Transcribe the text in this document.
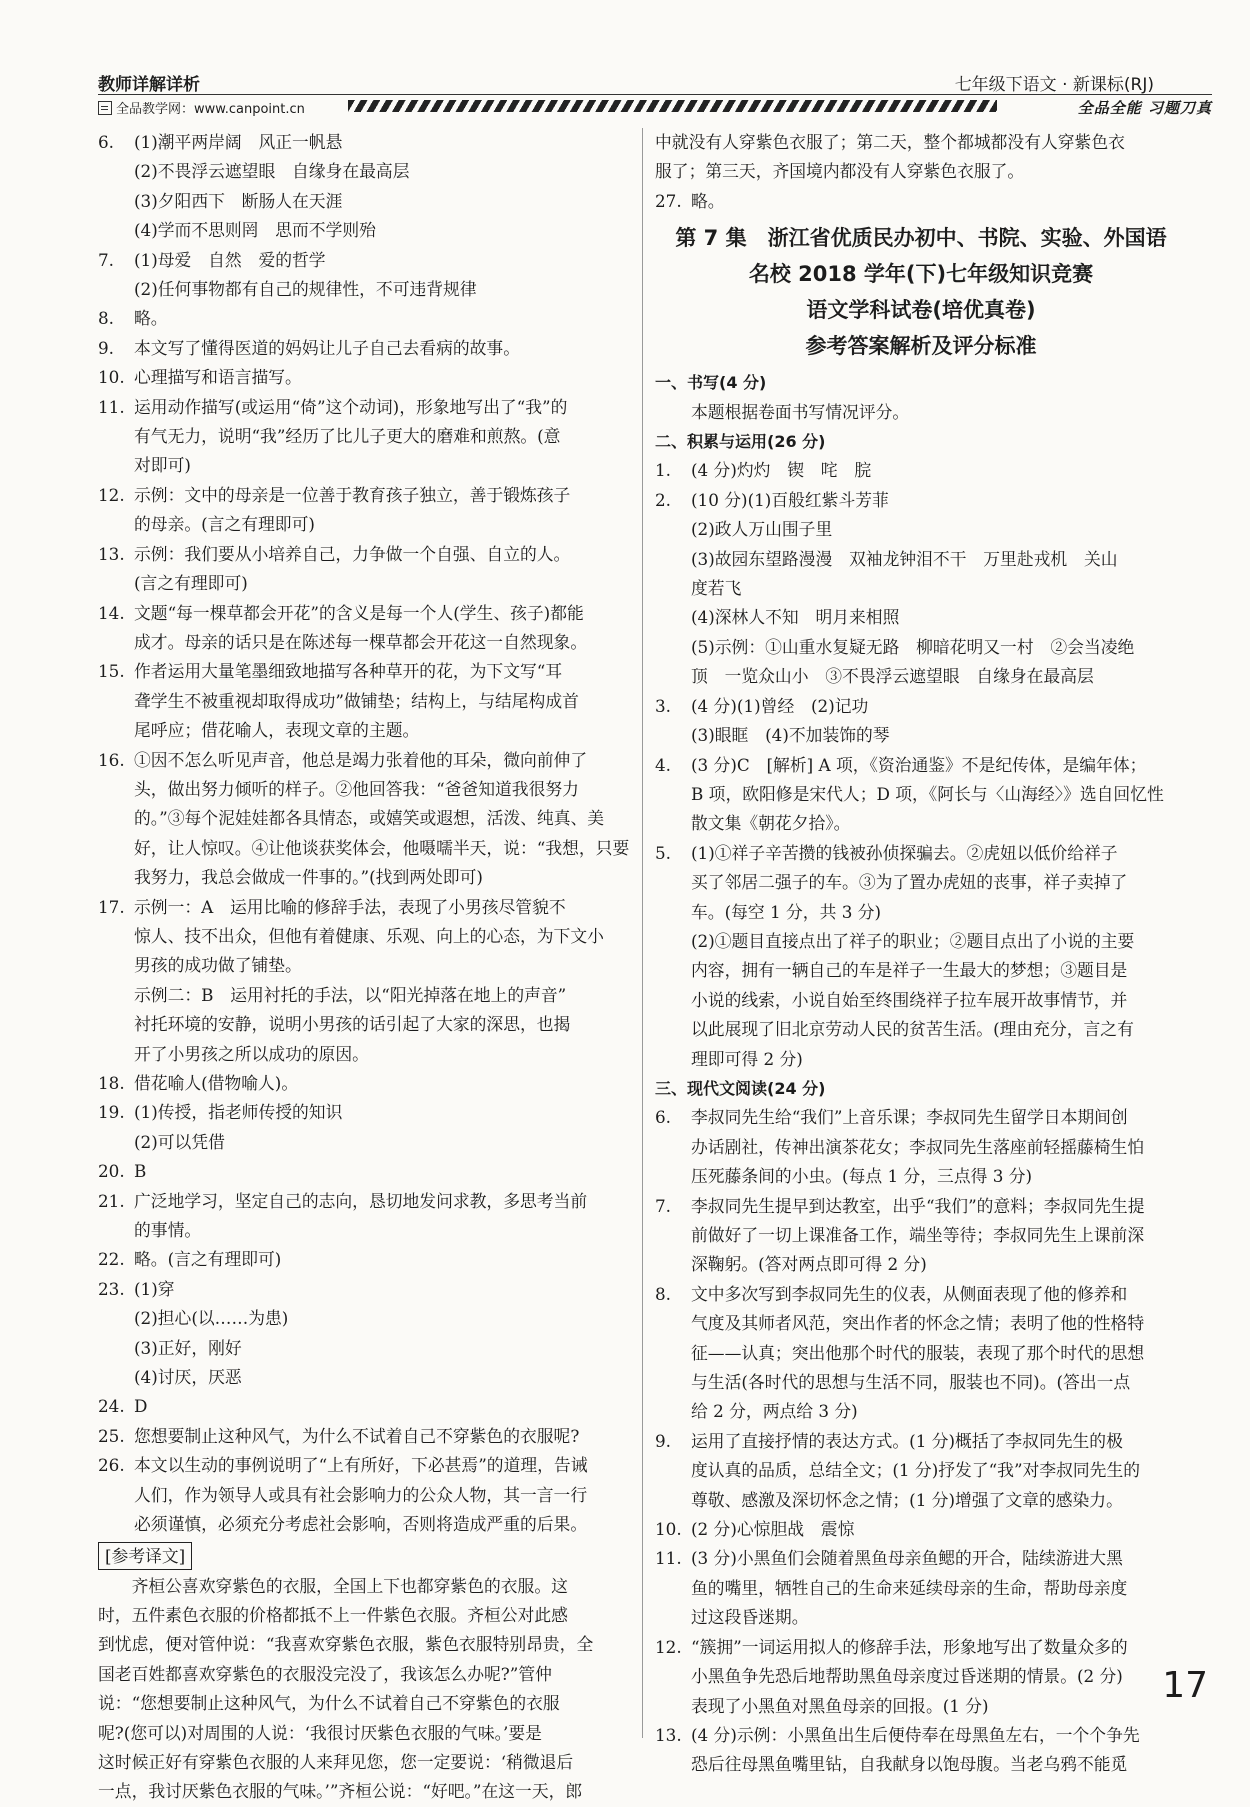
教师详解详析	七年级下语文 · 新课标(RJ)
全品教学网：www.canpoint.cn	全品全能 习题刀真
6. (1)潮平两岸阔　风正一帆悬
(2)不畏浮云遮望眼　自缘身在最高层
(3)夕阳西下　断肠人在天涯
(4)学而不思则罔　思而不学则殆
7. (1)母爱　自然　爱的哲学
(2)任何事物都有自己的规律性，不可违背规律
8. 略。
9. 本文写了懂得医道的妈妈让儿子自己去看病的故事。
10. 心理描写和语言描写。
11. 运用动作描写(或运用“倚”这个动词)，形象地写出了“我”的
有气无力，说明“我”经历了比儿子更大的磨难和煎熬。(意
对即可)
12. 示例：文中的母亲是一位善于教育孩子独立，善于锻炼孩子
的母亲。(言之有理即可)
13. 示例：我们要从小培养自己，力争做一个自强、自立的人。
(言之有理即可)
14. 文题“每一棵草都会开花”的含义是每一个人(学生、孩子)都能
成才。母亲的话只是在陈述每一棵草都会开花这一自然现象。
15. 作者运用大量笔墨细致地描写各种草开的花，为下文写“耳
聋学生不被重视却取得成功”做铺垫；结构上，与结尾构成首
尾呼应；借花喻人，表现文章的主题。
16. ①因不怎么听见声音，他总是竭力张着他的耳朵，微向前伸了
头，做出努力倾听的样子。②他回答我：“爸爸知道我很努力
的。”③每个泥娃娃都各具情态，或嬉笑或遐想，活泼、纯真、美
好，让人惊叹。④让他谈获奖体会，他嗫嚅半天，说：“我想，只要
我努力，我总会做成一件事的。”(找到两处即可)
17. 示例一：A　运用比喻的修辞手法，表现了小男孩尽管貌不
惊人、技不出众，但他有着健康、乐观、向上的心态，为下文小
男孩的成功做了铺垫。
示例二：B　运用衬托的手法，以“阳光掉落在地上的声音”
衬托环境的安静，说明小男孩的话引起了大家的深思，也揭
开了小男孩之所以成功的原因。
18. 借花喻人(借物喻人)。
19. (1)传授，指老师传授的知识
(2)可以凭借
20. B
21. 广泛地学习，坚定自己的志向，恳切地发问求教，多思考当前
的事情。
22. 略。(言之有理即可)
23. (1)穿
(2)担心(以……为患)
(3)正好，刚好
(4)讨厌，厌恶
24. D
25. 您想要制止这种风气，为什么不试着自己不穿紫色的衣服呢?
26. 本文以生动的事例说明了“上有所好，下必甚焉”的道理，告诫
人们，作为领导人或具有社会影响力的公众人物，其一言一行
必须谨慎，必须充分考虑社会影响，否则将造成严重的后果。
[参考译文]
　　齐桓公喜欢穿紫色的衣服，全国上下也都穿紫色的衣服。这
时，五件素色衣服的价格都抵不上一件紫色衣服。齐桓公对此感
到忧虑，便对管仲说：“我喜欢穿紫色衣服，紫色衣服特别昂贵，全
国老百姓都喜欢穿紫色的衣服没完没了，我该怎么办呢?”管仲
说：“您想要制止这种风气，为什么不试着自己不穿紫色的衣服
呢?(您可以)对周围的人说：‘我很讨厌紫色衣服的气味。’要是
这时候正好有穿紫色衣服的人来拜见您，您一定要说：‘稍微退后
一点，我讨厌紫色衣服的气味。’”齐桓公说：“好吧。”在这一天，郎
中就没有人穿紫色衣服了；第二天，整个都城都没有人穿紫色衣
服了；第三天，齐国境内都没有人穿紫色衣服了。
27. 略。
第 7 集　浙江省优质民办初中、书院、实验、外国语
名校 2018 学年(下)七年级知识竞赛
语文学科试卷(培优真卷)
参考答案解析及评分标准
一、书写(4 分)
本题根据卷面书写情况评分。
二、积累与运用(26 分)
1. (4 分)灼灼　锲　咤　脘
2. (10 分)(1)百般红紫斗芳菲
(2)政人万山围子里
(3)故园东望路漫漫　双袖龙钟泪不干　万里赴戎机　关山
度若飞
(4)深林人不知　明月来相照
(5)示例：①山重水复疑无路　柳暗花明又一村　②会当凌绝
顶　一览众山小　③不畏浮云遮望眼　自缘身在最高层
3. (4 分)(1)曾经　(2)记功
(3)眼眶　(4)不加装饰的琴
4. (3 分)C　[解析] A 项，《资治通鉴》不是纪传体，是编年体；
B 项，欧阳修是宋代人；D 项，《阿长与〈山海经〉》选自回忆性
散文集《朝花夕拾》。
5. (1)①祥子辛苦攒的钱被孙侦探骗去。②虎妞以低价给祥子
买了邻居二强子的车。③为了置办虎妞的丧事，祥子卖掉了
车。(每空 1 分，共 3 分)
(2)①题目直接点出了祥子的职业；②题目点出了小说的主要
内容，拥有一辆自己的车是祥子一生最大的梦想；③题目是
小说的线索，小说自始至终围绕祥子拉车展开故事情节，并
以此展现了旧北京劳动人民的贫苦生活。(理由充分，言之有
理即可得 2 分)
三、现代文阅读(24 分)
6. 李叔同先生给“我们”上音乐课；李叔同先生留学日本期间创
办话剧社，传神出演茶花女；李叔同先生落座前轻摇藤椅生怕
压死藤条间的小虫。(每点 1 分，三点得 3 分)
7. 李叔同先生提早到达教室，出乎“我们”的意料；李叔同先生提
前做好了一切上课准备工作，端坐等待；李叔同先生上课前深
深鞠躬。(答对两点即可得 2 分)
8. 文中多次写到李叔同先生的仪表，从侧面表现了他的修养和
气度及其师者风范，突出作者的怀念之情；表明了他的性格特
征——认真；突出他那个时代的服装，表现了那个时代的思想
与生活(各时代的思想与生活不同，服装也不同)。(答出一点
给 2 分，两点给 3 分)
9. 运用了直接抒情的表达方式。(1 分)概括了李叔同先生的极
度认真的品质，总结全文；(1 分)抒发了“我”对李叔同先生的
尊敬、感激及深切怀念之情；(1 分)增强了文章的感染力。
10. (2 分)心惊胆战　震惊
11. (3 分)小黑鱼们会随着黑鱼母亲鱼鳃的开合，陆续游进大黑
鱼的嘴里，牺牲自己的生命来延续母亲的生命，帮助母亲度
过这段昏迷期。
12. “簇拥”一词运用拟人的修辞手法，形象地写出了数量众多的
小黑鱼争先恐后地帮助黑鱼母亲度过昏迷期的情景。(2 分)
表现了小黑鱼对黑鱼母亲的回报。(1 分)
13. (4 分)示例：小黑鱼出生后便侍奉在母黑鱼左右，一个个争先
恐后往母黑鱼嘴里钻，自我献身以饱母腹。当老乌鸦不能觅
17
